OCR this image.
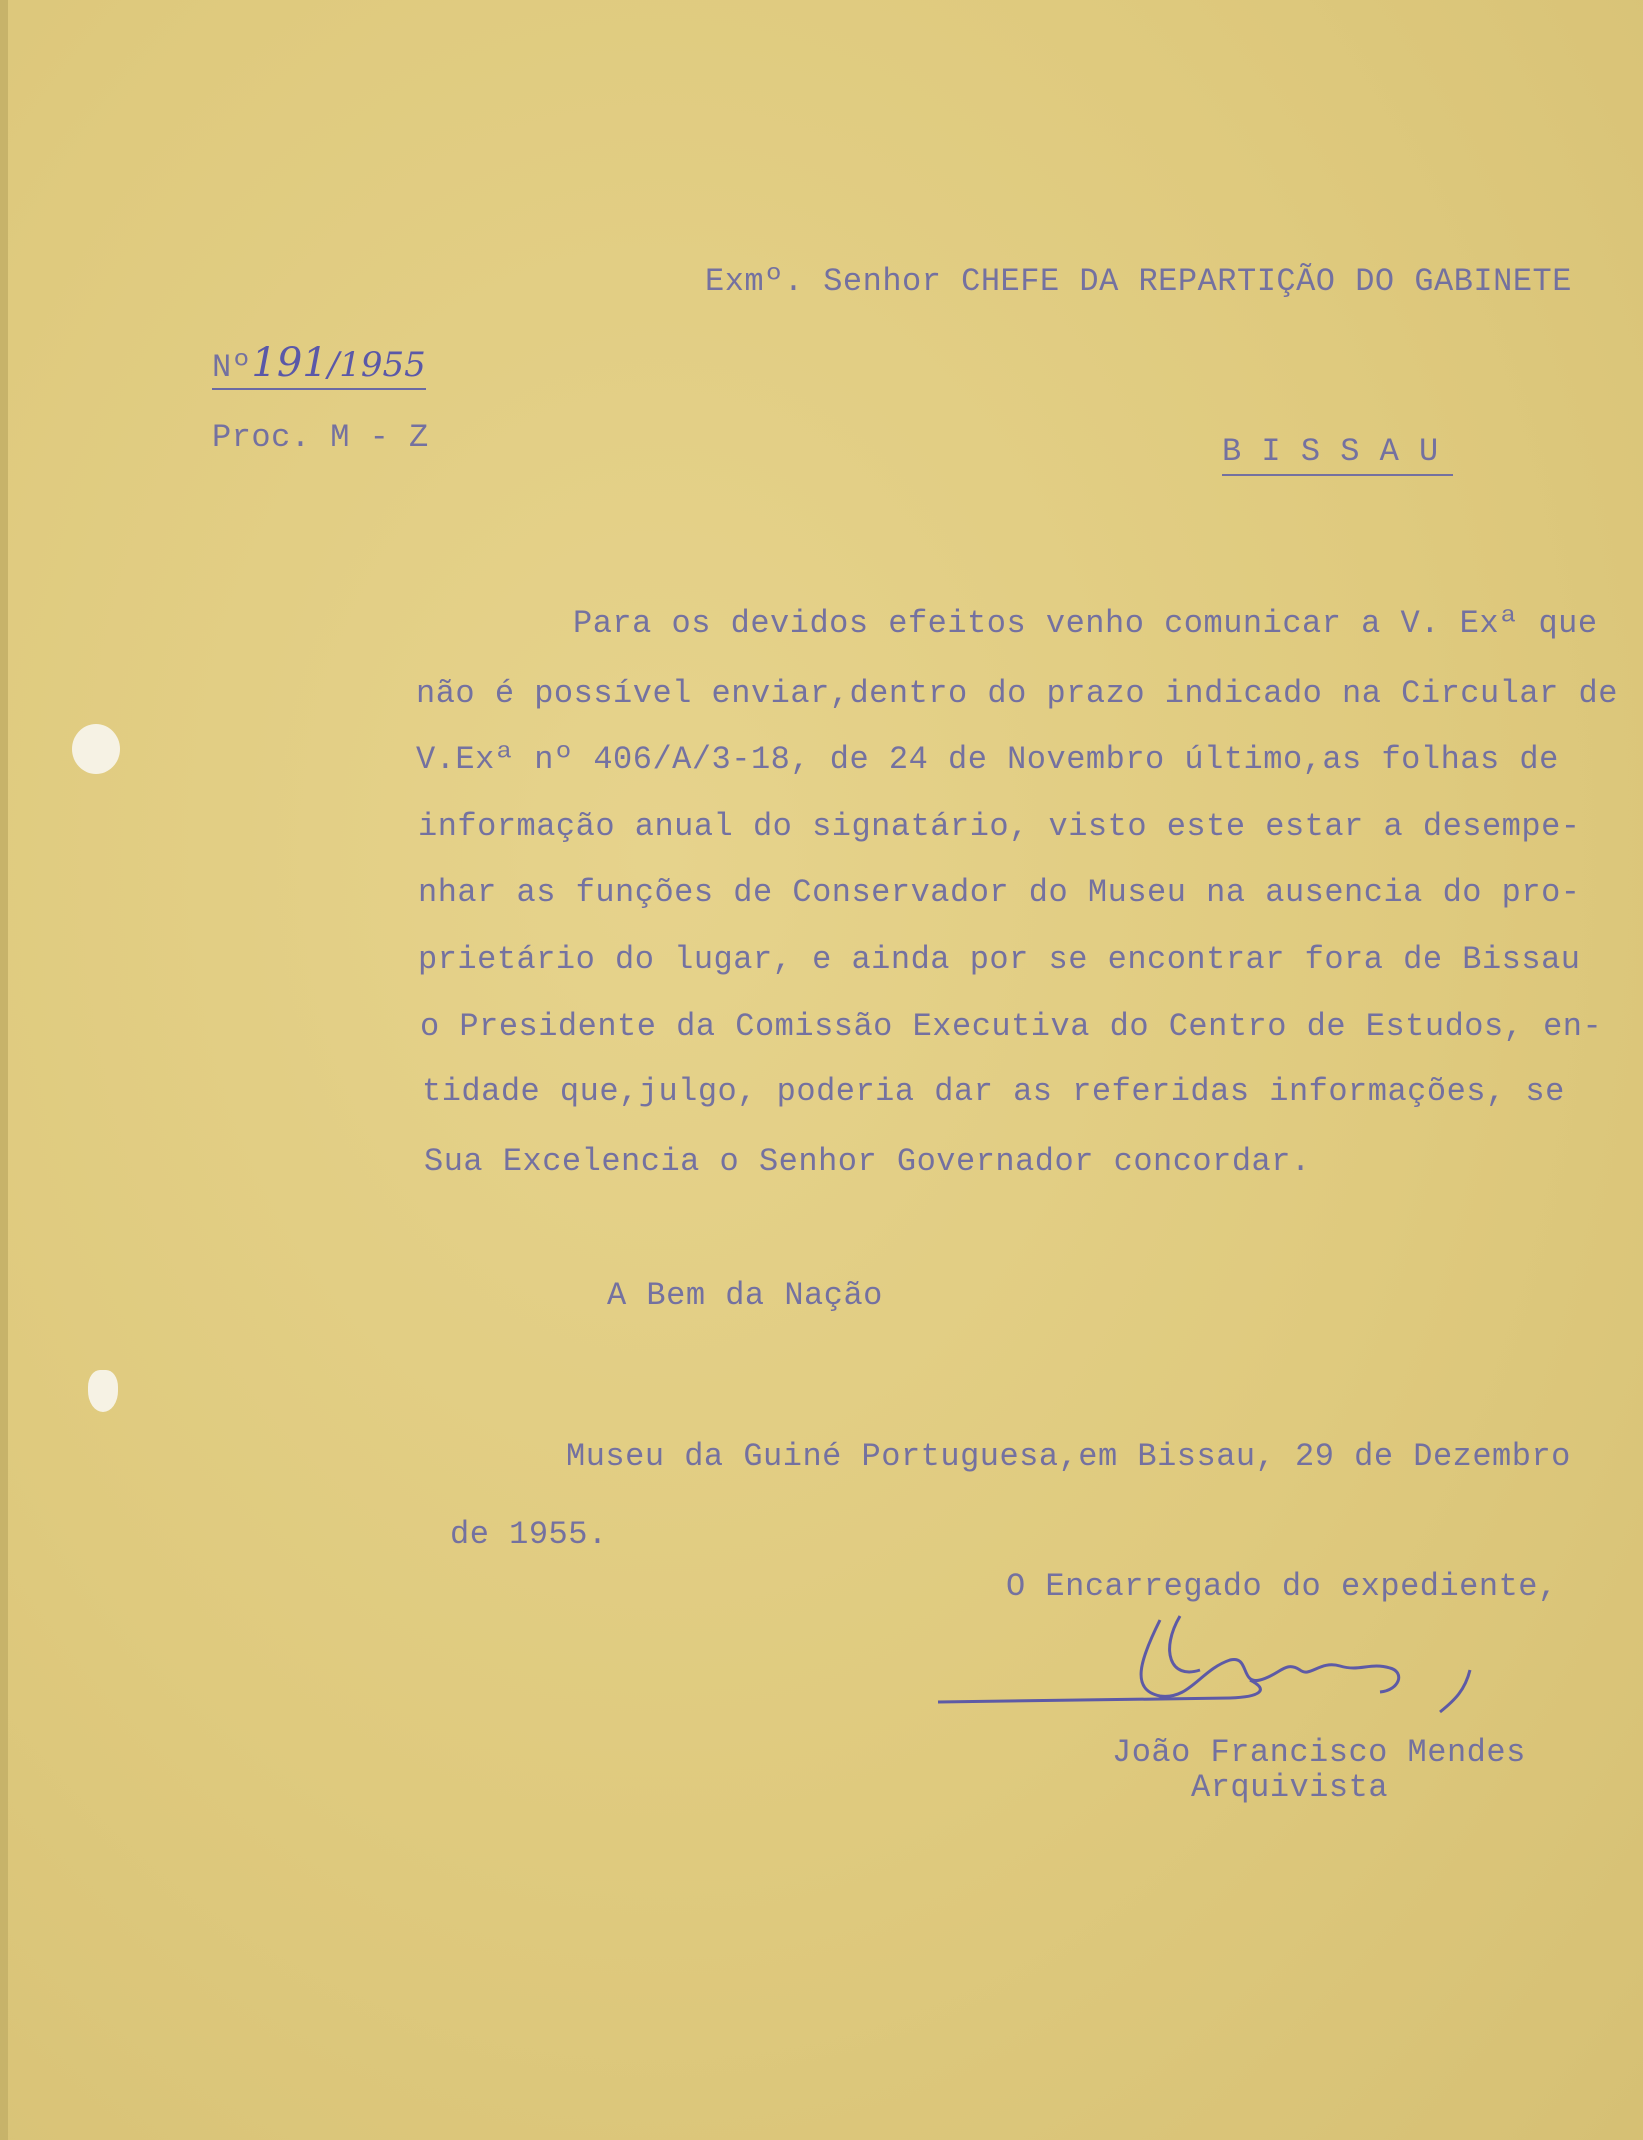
Exmº. Senhor CHEFE DA REPARTIÇÃO DO GABINETE
Nº191/1955
Proc. M - Z	B I S S A U
Para os devidos efeitos venho comunicar a V. Exª que
não é possível enviar,dentro do prazo indicado na Circular de
V.Exª nº 406/A/3-18, de 24 de Novembro último,as folhas de
informação anual do signatário, visto este estar a desempe-
nhar as funções de Conservador do Museu na ausencia do pro-
prietário do lugar, e ainda por se encontrar fora de Bissau
o Presidente da Comissão Executiva do Centro de Estudos, en-
tidade que,julgo, poderia dar as referidas informações, se
Sua Excelencia o Senhor Governador concordar.
A Bem da Nação
Museu da Guiné Portuguesa,em Bissau, 29 de Dezembro
de 1955.
O Encarregado do expediente,
João Francisco Mendes
Arquivista
